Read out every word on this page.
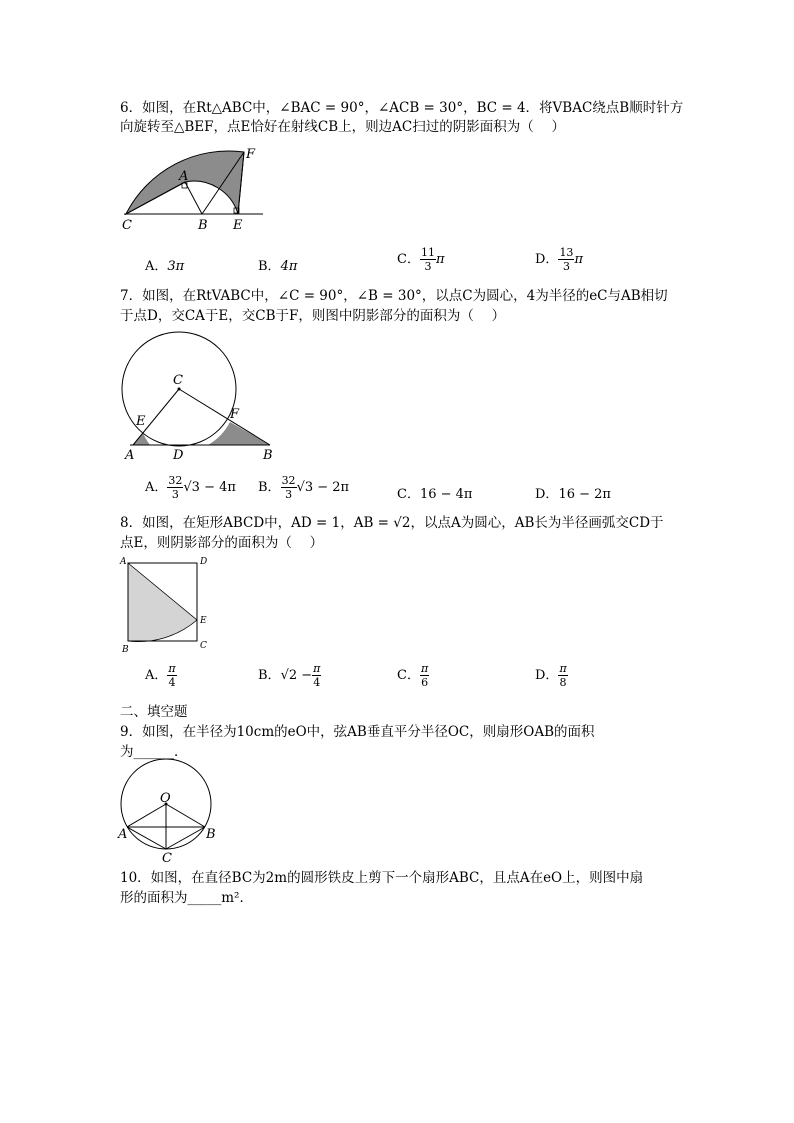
6．如图，在Rt△ABC中，∠BAC = 90°，∠ACB = 30°，BC = 4．将VBAC绕点B顺时针方
向旋转至△BEF，点E恰好在射线CB上，则边AC扫过的阴影面积为（　 ）
C	B E
A
F
A．3π	B．4π	C． $\frac{11}{3}$ π	D． $\frac{13}{3}$ π
7．如图，在RtVABC中，∠C = 90°，∠B = 30°，以点C为圆心，4为半径的eC与AB相切
于点D，交CA于E，交CB于F，则图中阴影部分的面积为（　 ）
C
E	F
A	D	B
A． $\frac{32}{3} √3 - 4\pi$ B． $\frac{32}{3} √3 - 2\pi$	C．16 − 4π	D．16 − 2π
8．如图，在矩形ABCD中，AD = 1，AB = √2，以点A为圆心，AB长为半径画弧交CD于
点E，则阴影部分的面积为（　 ）
A	D
E
B	C
A． $\frac{\pi}{4}$	B．$√2 - \frac{\pi}{4}$	C． $\frac{\pi}{6}$	D． $\frac{\pi}{8}$
二、填空题
9．如图，在半径为10cm的eO中，弦AB垂直平分半径OC，则扇形OAB的面积
为______．
O
A	B
C
10．如图，在直径BC为2m的圆形铁皮上剪下一个扇形ABC，且点A在eO上，则图中扇
形的面积为_____m²．
